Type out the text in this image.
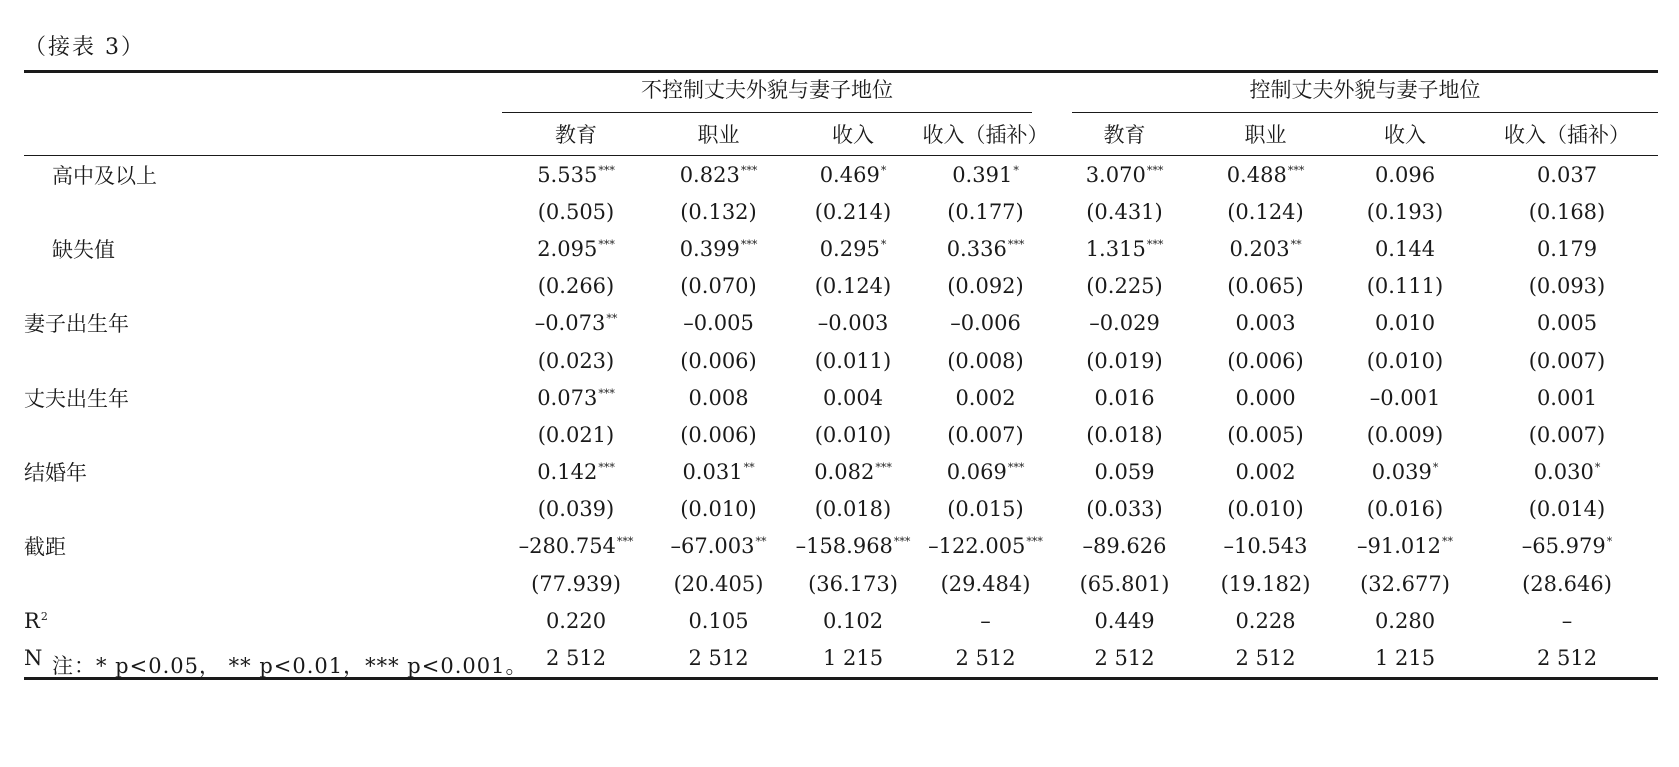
（接表 3）

	不控制丈夫外貌与妻子地位				控制丈夫外貌与妻子地位			

	教育	职业	收入	收入（插补）	教育	职业	收入	收入（插补）
高中及以上	5.535***	0.823***	0.469*	0.391*	3.070***	0.488***	0.096	0.037
	(0.505)	(0.132)	(0.214)	(0.177)	(0.431)	(0.124)	(0.193)	(0.168)
缺失值	2.095***	0.399***	0.295*	0.336***	1.315***	0.203**	0.144	0.179
	(0.266)	(0.070)	(0.124)	(0.092)	(0.225)	(0.065)	(0.111)	(0.093)
妻子出生年	–0.073**	–0.005	–0.003	–0.006	–0.029	0.003	0.010	0.005
	(0.023)	(0.006)	(0.011)	(0.008)	(0.019)	(0.006)	(0.010)	(0.007)
丈夫出生年	0.073***	0.008	0.004	0.002	0.016	0.000	–0.001	0.001
	(0.021)	(0.006)	(0.010)	(0.007)	(0.018)	(0.005)	(0.009)	(0.007)
结婚年	0.142***	0.031**	0.082***	0.069***	0.059	0.002	0.039*	0.030*
	(0.039)	(0.010)	(0.018)	(0.015)	(0.033)	(0.010)	(0.016)	(0.014)
截距	–280.754***	–67.003**	–158.968***	–122.005***	–89.626	–10.543	–91.012**	–65.979*
	(77.939)	(20.405)	(36.173)	(29.484)	(65.801)	(19.182)	(32.677)	(28.646)
$R^2$	0.220	0.105	0.102	–	0.449	0.228	0.280	–
N	2 512	2 512	1 215	2 512	2 512	2 512	1 215	2 512
注：* p<0.05， ** p<0.01，*** p<0.001。
